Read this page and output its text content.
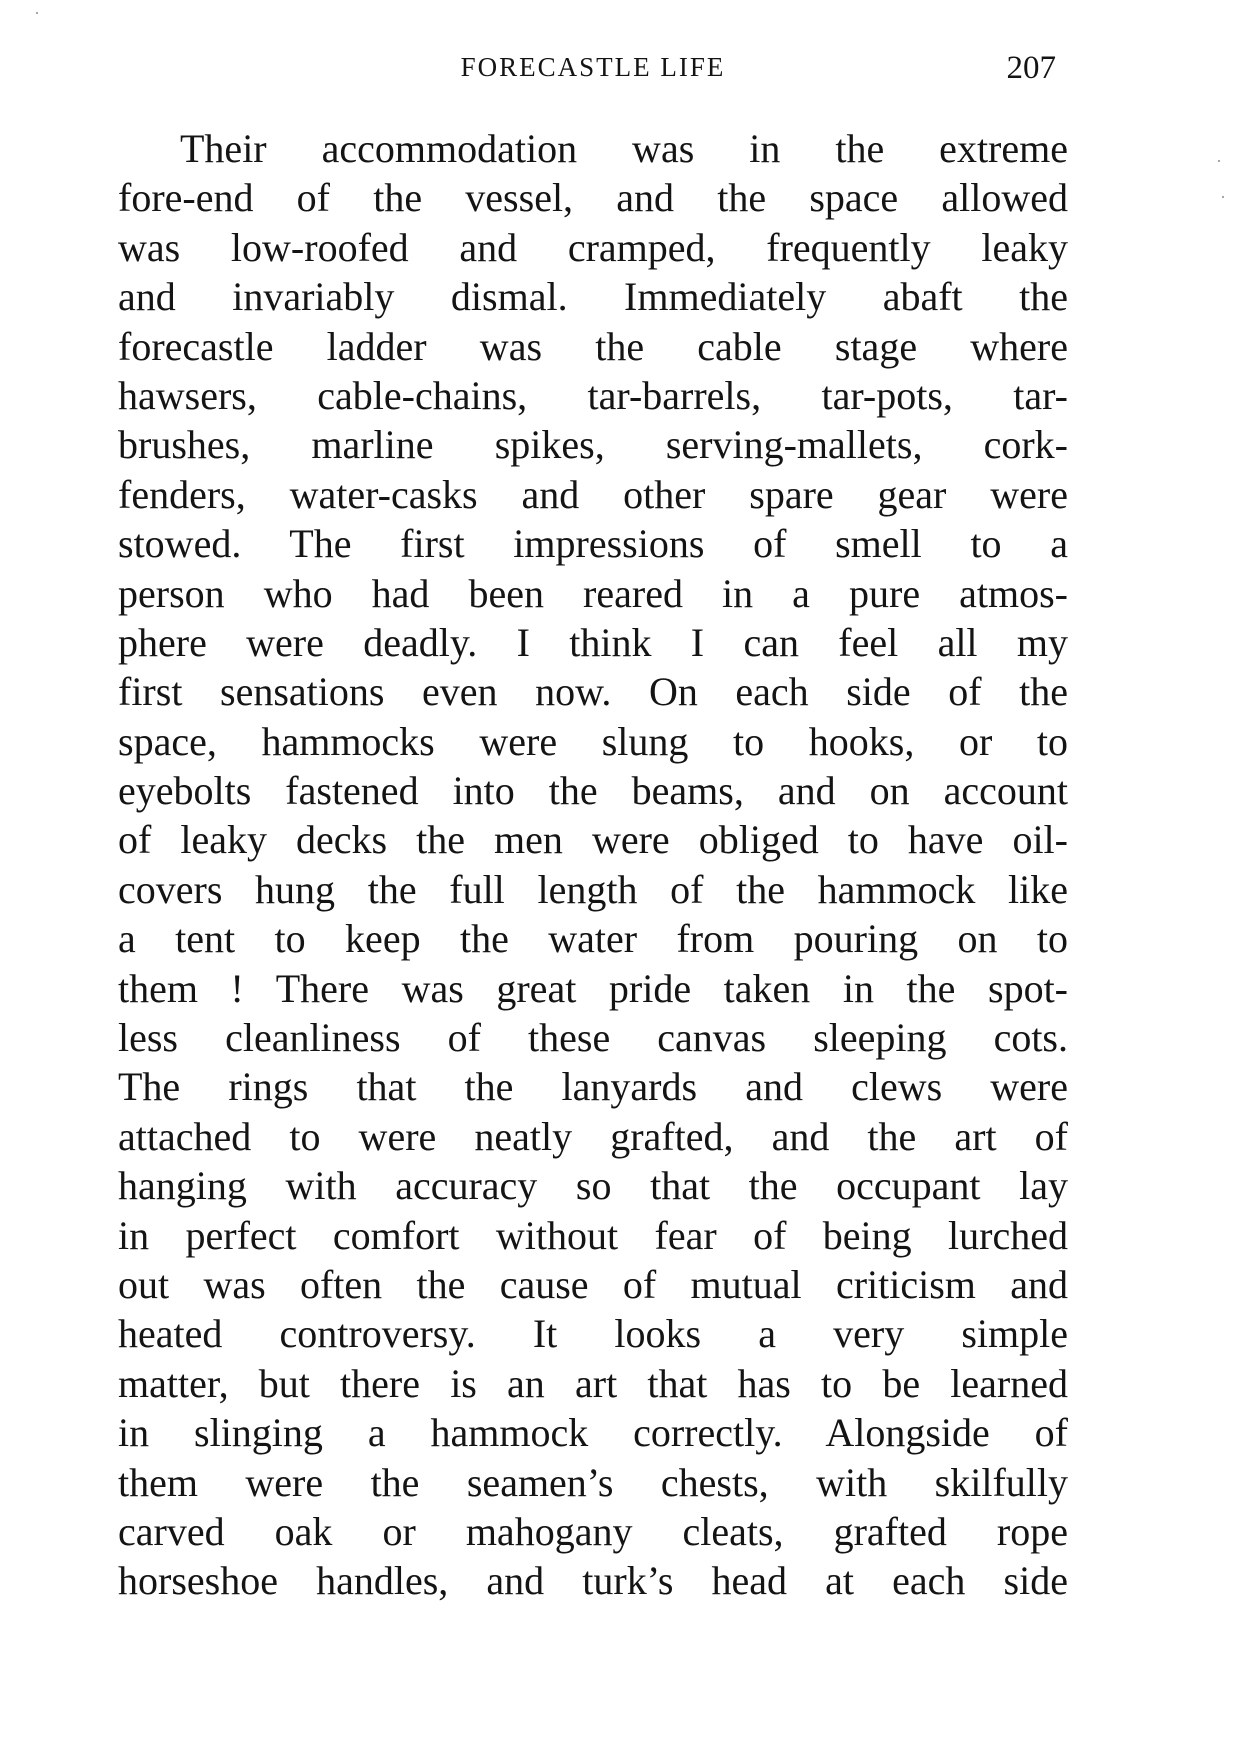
FORECASTLE LIFE	207
Their accommodation was in the extreme
fore-end of the vessel, and the space allowed
was low-roofed and cramped, frequently leaky
and invariably dismal. Immediately abaft the
forecastle ladder was the cable stage where
hawsers, cable-chains, tar-barrels, tar-pots, tar-
brushes, marline spikes, serving-mallets, cork-
fenders, water-casks and other spare gear were
stowed. The first impressions of smell to a
person who had been reared in a pure atmos-
phere were deadly. I think I can feel all my
first sensations even now. On each side of the
space, hammocks were slung to hooks, or to
eyebolts fastened into the beams, and on account
of leaky decks the men were obliged to have oil-
covers hung the full length of the hammock like
a tent to keep the water from pouring on to
them ! There was great pride taken in the spot-
less cleanliness of these canvas sleeping cots.
The rings that the lanyards and clews were
attached to were neatly grafted, and the art of
hanging with accuracy so that the occupant lay
in perfect comfort without fear of being lurched
out was often the cause of mutual criticism and
heated controversy. It looks a very simple
matter, but there is an art that has to be learned
in slinging a hammock correctly. Alongside of
them were the seamen’s chests, with skilfully
carved oak or mahogany cleats, grafted rope
horseshoe handles, and turk’s head at each side
